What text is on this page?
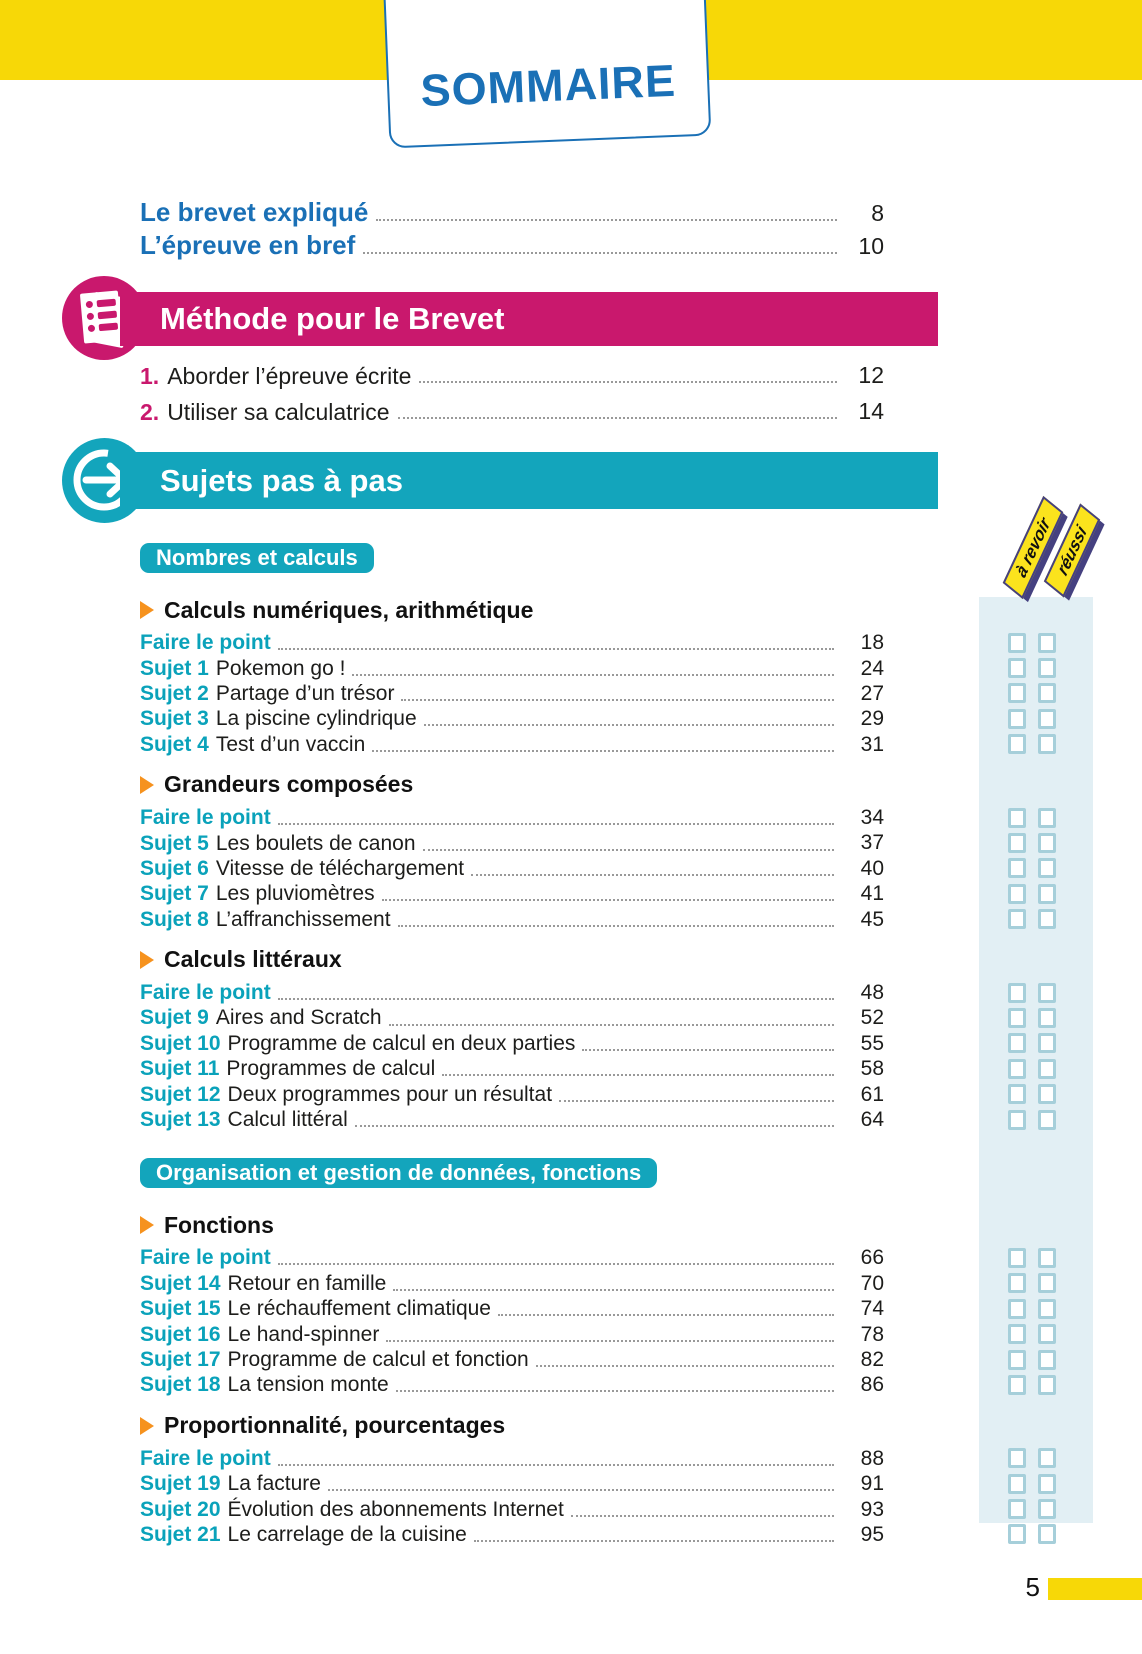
SOMMAIRE
Le brevet expliqué	8
L’épreuve en bref	10
Méthode pour le Brevet
1. Aborder l’épreuve écrite	12
2. Utiliser sa calculatrice	14
Sujets pas à pas
à revoir réussi
Nombres et calculs
Calculs numériques, arithmétique
Faire le point	18
Sujet 1 Pokemon go !	24
Sujet 2 Partage d’un trésor	27
Sujet 3 La piscine cylindrique	29
Sujet 4 Test d’un vaccin	31
Grandeurs composées
Faire le point	34
Sujet 5 Les boulets de canon	37
Sujet 6 Vitesse de téléchargement	40
Sujet 7 Les pluviomètres	41
Sujet 8 L’affranchissement	45
Calculs littéraux
Faire le point	48
Sujet 9 Aires and Scratch	52
Sujet 10 Programme de calcul en deux parties	55
Sujet 11 Programmes de calcul	58
Sujet 12 Deux programmes pour un résultat	61
Sujet 13 Calcul littéral	64
Organisation et gestion de données, fonctions
Fonctions
Faire le point	66
Sujet 14 Retour en famille	70
Sujet 15 Le réchauffement climatique	74
Sujet 16 Le hand-spinner	78
Sujet 17 Programme de calcul et fonction	82
Sujet 18 La tension monte	86
Proportionnalité, pourcentages
Faire le point	88
Sujet 19 La facture	91
Sujet 20 Évolution des abonnements Internet	93
Sujet 21 Le carrelage de la cuisine	95
5
